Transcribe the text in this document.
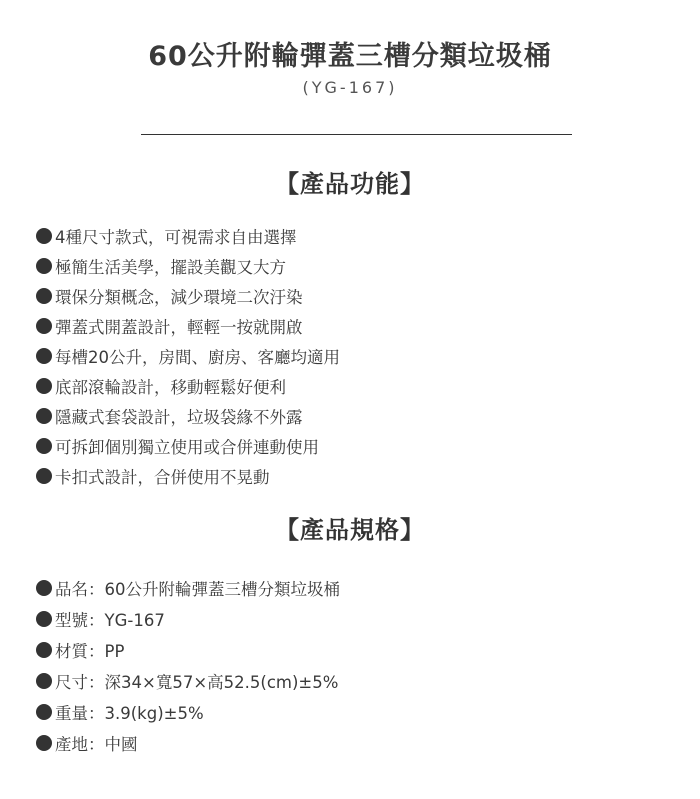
60公升附輪彈蓋三槽分類垃圾桶
(YG-167)
【產品功能】
4種尺寸款式，可視需求自由選擇
極簡生活美學，擺設美觀又大方
環保分類概念，減少環境二次汙染
彈蓋式開蓋設計，輕輕一按就開啟
每槽20公升，房間、廚房、客廳均適用
底部滾輪設計，移動輕鬆好便利
隱藏式套袋設計，垃圾袋緣不外露
可拆卸個別獨立使用或合併連動使用
卡扣式設計，合併使用不晃動
【產品規格】
品名：60公升附輪彈蓋三槽分類垃圾桶
型號：YG-167
材質：PP
尺寸：深34×寬57×高52.5(cm)±5%
重量：3.9(kg)±5%
產地：中國
